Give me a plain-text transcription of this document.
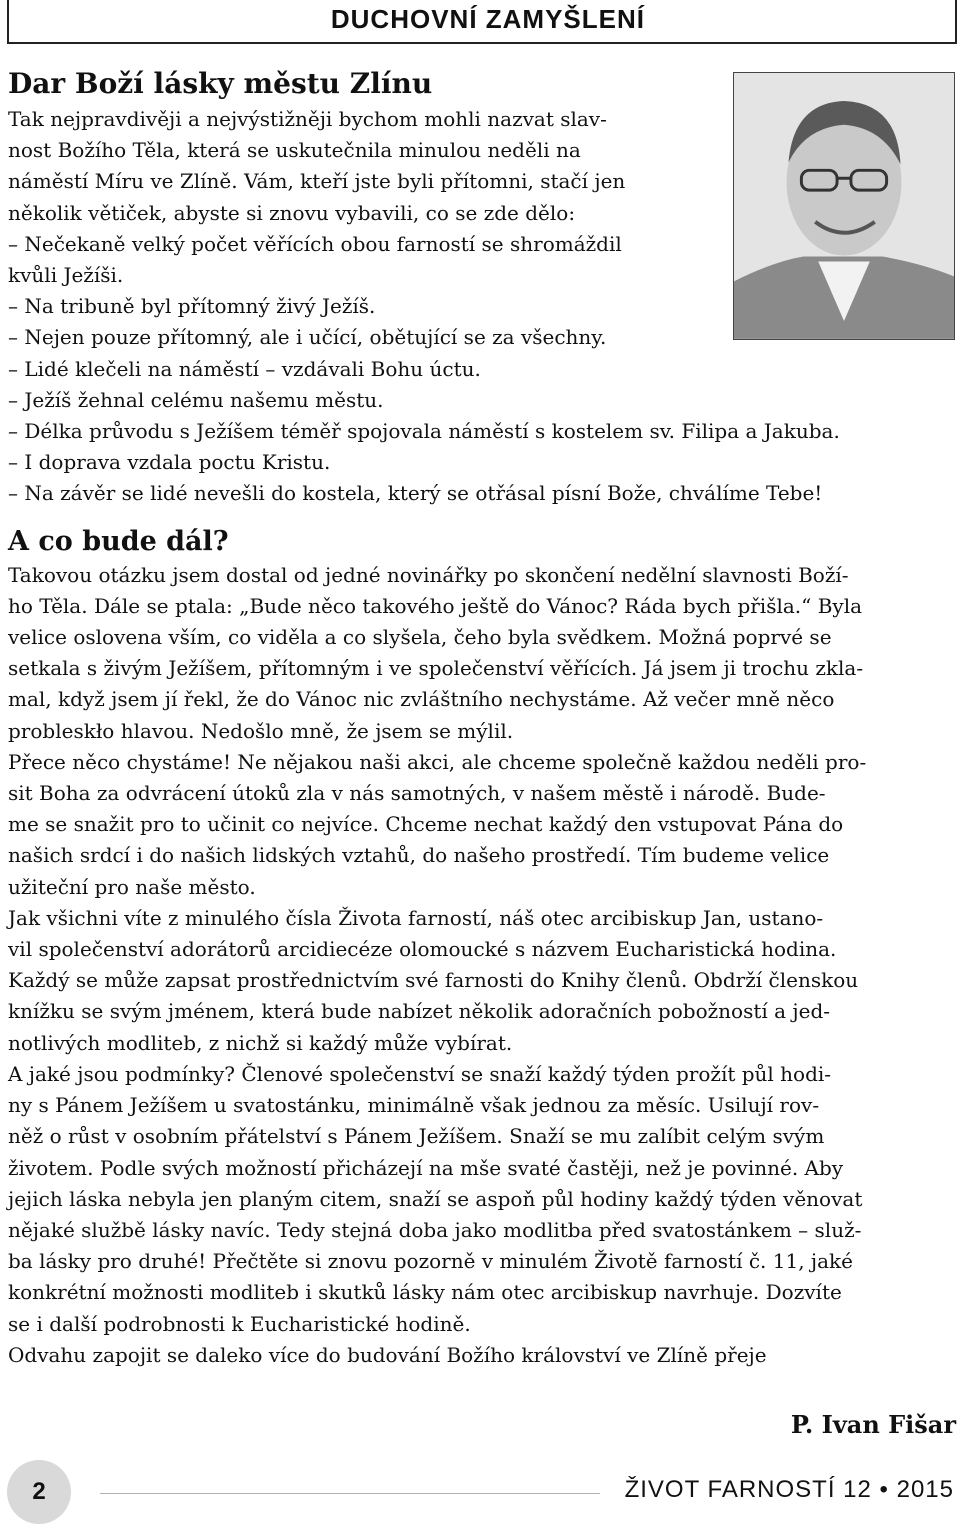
DUCHOVNÍ ZAMYŠLENÍ
Dar Boží lásky městu Zlínu

Tak nejpravdivěji a nejvýstižněji bychom mohli nazvat slav-

nost Božího Těla, která se uskutečnila minulou neděli na

náměstí Míru ve Zlíně. Vám, kteří jste byli přítomni, stačí jen

několik větiček, abyste si znovu vybavili, co se zde dělo:

– Nečekaně velký počet věřících obou farností se shromáždil

kvůli Ježíši.

– Na tribuně byl přítomný živý Ježíš.

– Nejen pouze přítomný, ale i učící, obětující se za všechny.

– Lidé klečeli na náměstí – vzdávali Bohu úctu.

– Ježíš žehnal celému našemu městu.

– Délka průvodu s Ježíšem téměř spojovala náměstí s kostelem sv. Filipa a Jakuba.

– I doprava vzdala poctu Kristu.

– Na závěr se lidé nevešli do kostela, který se otřásal písní Bože, chválíme Tebe!

A co bude dál?

Takovou otázku jsem dostal od jedné novinářky po skončení nedělní slavnosti Boží-

ho Těla. Dále se ptala: „Bude něco takového ještě do Vánoc? Ráda bych přišla.“ Byla

velice oslovena vším, co viděla a co slyšela, čeho byla svědkem. Možná poprvé se

setkala s živým Ježíšem, přítomným i ve společenství věřících. Já jsem ji trochu zkla-

mal, když jsem jí řekl, že do Vánoc nic zvláštního nechystáme. Až večer mně něco

probleskło hlavou. Nedošlo mně, že jsem se mýlil.

Přece něco chystáme! Ne nějakou naši akci, ale chceme společně každou neděli pro-

sit Boha za odvrácení útoků zla v nás samotných, v našem městě i národě. Bude-

me se snažit pro to učinit co nejvíce. Chceme nechat každý den vstupovat Pána do

našich srdcí i do našich lidských vztahů, do našeho prostředí. Tím budeme velice

užiteční pro naše město.

Jak všichni víte z minulého čísla Života farností, náš otec arcibiskup Jan, ustano-

vil společenství adorátorů arcidiecéze olomoucké s názvem Eucharistická hodina.

Každý se může zapsat prostřednictvím své farnosti do Knihy členů. Obdrží členskou

knížku se svým jménem, která bude nabízet několik adoračních pobožností a jed-

notlivých modliteb, z nichž si každý může vybírat.

A jaké jsou podmínky? Členové společenství se snaží každý týden prožít půl hodi-

ny s Pánem Ježíšem u svatostánku, minimálně však jednou za měsíc. Usilují rov-

něž o růst v osobním přátelství s Pánem Ježíšem. Snaží se mu zalíbit celým svým

životem. Podle svých možností přicházejí na mše svaté častěji, než je povinné. Aby

jejich láska nebyla jen planým citem, snaží se aspoň půl hodiny každý týden věnovat

nějaké službě lásky navíc. Tedy stejná doba jako modlitba před svatostánkem – služ-

ba lásky pro druhé! Přečtěte si znovu pozorně v minulém Životě farností č. 11, jaké

konkrétní možnosti modliteb i skutků lásky nám otec arcibiskup navrhuje. Dozvíte

se i další podrobnosti k Eucharistické hodině.

Odvahu zapojit se daleko více do budování Božího království ve Zlíně přeje

P. Ivan Fišar
2	ŽIVOT FARNOSTÍ 12 • 2015
